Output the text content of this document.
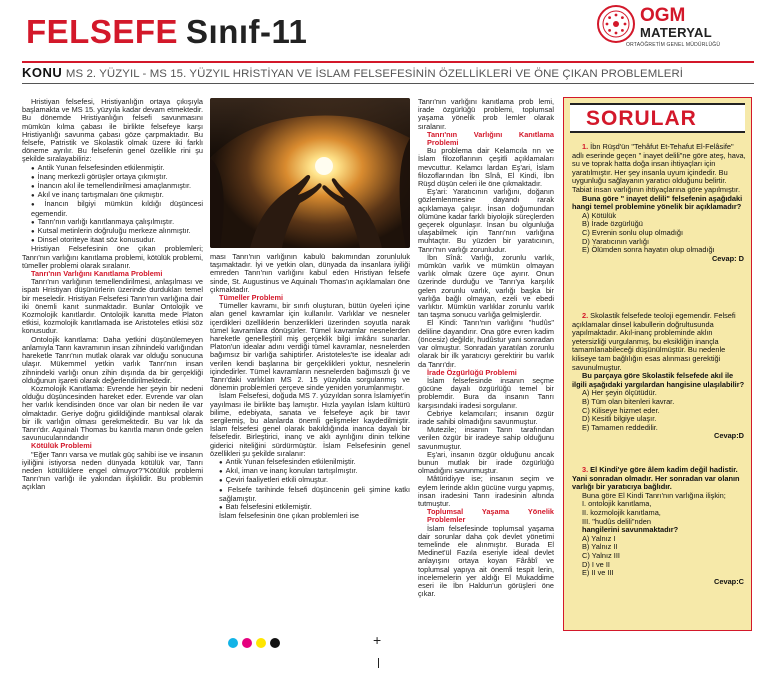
FELSEFE Sınıf-11	OGM
MATERYAL
ORTAÖĞRETİM GENEL MÜDÜRLÜĞÜ
KONU MS 2. YÜZYIL - MS 15. YÜZYIL HRİSTİYAN VE İSLAM FELSEFESİNİN ÖZELLİKLERİ VE ÖNE ÇIKAN PROBLEMLERİ

Hristiyan felsefesi, Hristiyanlığın ortaya çıkışıyla başlamakta ve MS 15. yüzyıla kadar devam etmektedir. Bu dönemde Hristiyanlığın felsefi savunmasını mümkün kılma çabası ile birlikte felsefeye karşı Hristiyanlığı savunma çabası göze çarpmaktadır. Bu felsefe, Patristik ve Skolastik olmak üzere iki farklı döneme ayrılır. Bu felsefenin genel özellikle rini şu şekilde sıralayabiliriz:

● Antik Yunan felsefesinden etkilenmiştir.

● İnanç merkezli görüşler ortaya çıkmıştır.

● İnancın akıl ile temellendirilmesi amaçlanmıştır.

● Akıl ve inanç tartışmaları öne çıkmıştır.

● İnancın bilgiyi mümkün kıldığı düşüncesi egemendir.

● Tanrı'nın varlığı kanıtlanmaya çalışılmıştır.

● Kutsal metinlerin doğruluğu merkeze alınmıştır.

● Dinsel otoriteye itaat söz konusudur.

Hristiyan Felsefesinin öne çıkan problemleri; Tanrı'nın varlığını kanıtlama problemi, kötülük problemi, tümeller problemi olarak sıralanır.

Tanrı'nın Varlığını Kanıtlama Problemi

Tanrı'nın varlığının temellendirilmesi, anlaşılması ve ispatı Hristiyan düşünürlerin üzerinde durdukları temel bir meseledir. Hristiyan Felsefesi Tanrı'nın varlığına dair iki önemli kanıt sunmaktadır. Bunlar Ontolojik ve Kozmolojik kanıtlardır. Ontolojik kanıtta mede Platon etkisi, kozmolojik kanıtlamada ise Aristoteles etkisi söz konusudur.

Ontolojik kanıtlama: Daha yetkini düşünülemeyen anlamıyla Tanrı kavramının insan zihnindeki varlığından hareketle Tanrı'nın mutlak olarak var olduğu sonucuna ulaşır. Mükemmel yetkin varlık Tanrı'nın insan zihnindeki varlığı onun zihin dışında da bir gerçekliği olduğunun işareti olarak değerlendirilmektedir.

Kozmolojik Kanıtlama: Evrende her şeyin bir nedeni olduğu düşüncesinden hareket eder. Evrende var olan her varlık kendisinden önce var olan bir neden ile var olmaktadır. Geriye doğru gidildiğinde mantıksal olarak bir ilk varlığın olması gerekmektedir. Bu var lık da Tanrı'dır. Aquinalı Thomas bu kanıtla manın önde gelen savunucularındandır

Kötülük Problemi

"Eğer Tanrı varsa ve mutlak güç sahibi ise ve insanın iyiliğini istiyorsa neden dünyada kötülük var, Tanrı neden kötülüklere engel olmuyor?"Kötülük problemi Tanrı'nın varlığı ile yakından ilişkilidir. Bu problemin açıklan

ması Tanrı'nın varlığının kabulü bakımından zorunluluk taşımaktadır. İyi ve yetkin olan, dünyada da insanlara iyiliği emreden Tanrı'nın varlığını kabul eden Hristiyan felsefe sinde, St. Augustinus ve Aquinalı Thomas'ın açıklamaları öne çıkmaktadır.

Tümeller Problemi

Tümeller kavramı, bir sınıfı oluşturan, bütün üyeleri içine alan genel kavramlar için kullanılır. Varlıklar ve nesneler içerdikleri özelliklerin benzerlikleri üzerinden soyutla narak tümel kavramlara dönüşürler. Tümel kavramlar nesnelerden hareketle genelleştiril miş gerçeklik bilgi imkânı sunarlar. Platon'un idealar adını verdiği tümel kavramlar, nesnelerden bağımsız bir varlığa sahiptirler. Aristoteles'te ise idealar adı verilen kendi başlarına bir gerçeklikleri yoktur, nesnelerin içindedirler. Tümel kavramların nesnelerden bağımsızlı ğı ve Tanrı'daki varlıkları MS 2. 15 yüzyılda sorgulanmış ve dönemin problemleri çerçeve sinde yeniden yorumlanmıştır.

İslam Felsefesi, doğuda MS 7. yüzyıldan sonra İslamiyet'in yayılması ile birlikte baş lamıştır. Hızla yayılan İslam kültürü bilime, edebiyata, sanata ve felsefeye açık bir tavır sergilemiş, bu alanlarda önemli gelişmeler kaydedilmiştir. İslam felsefesi genel olarak bakıldığında inanca dayalı bir felsefedir. Birleştirici, inanç ve aklı ayrılığını dinin telkine giderici niteliğini sürdürmüştür. İslam Felsefesinin genel özellikleri şu şekilde sıralanır:

● Antik Yunan felsefesinden etkilenilmiştir.

● Akıl, iman ve inanç konuları tartışılmıştır.

● Çeviri faaliyetleri etkili olmuştur.

● Felsefe tarihinde felsefi düşüncenin geli şimine katkı sağlamıştır.

● Batı felsefesini etkilemiştir.

İslam felsefesinin öne çıkan problemleri ise

Tanrı'nın varlığını kanıtlama prob lemi, irade özgürlüğü problemi, toplumsal yaşama yönelik prob lemler olarak sıralanır.

Tanrı'nın Varlığını Kanıtlama Problemi

Bu problema dair Kelamcıla rın ve İslam filozoflarının çeşitli açıklamaları mevcuttur. Kelamcı lardan Eş'ari, İslam filozoflarından İbn Sînâ, El Kindi, İbn Rüşd düşün celeri ile öne çıkmaktadır.

Eş'ari: Yaratıcının varlığını, doğanın gözlemlenmesine dayandı rarak açıklamaya çalışır. İnsan doğumundan ölümüne kadar farklı biyolojik süreçlerden geçerek olgunlaşır. İnsan bu olgunluğa ulaşabilmek için Tanrı'nın varlığına muhtaçtır. Bu yüzden bir yaratıcının, Tanrı'nın varlığı zorunludur.

İbn Sînâ: Varlığı, zorunlu varlık, mümkün varlık ve mümkün olmayan varlık olmak üzere üçe ayırır. Onun üzerinde durduğu ve Tanrı'ya karşılık gelen zorunlu varlık, varlığı başka bir varlığa bağlı olmayan, ezeli ve ebedi varlıktır. Mümkün varlıklar zorunlu varlık tan taşma sonucu varlığa gelmişlerdir.

El Kindi: Tanrı'nın varlığını "hudûs" deliline dayandırır. Ona göre evren kadim (öncesiz) değildir, hudûstur yani sonradan var olmuştur. Sonradan yaratılan zorunlu olarak bir ilk yaratıcıyı gerektirir bu varlık da Tanrı'dır.

İrade Özgürlüğü Problemi

İslam felsefesinde insanın seçme gücüne dayalı özgürlüğü temel bir problemdir. Bura da insanın Tanrı karşısındaki iradesi sorgulanır.

Cebriye kelamcıları; insanın özgür irade sahibi olmadığını savunmuştur.

Mutezile; insanın Tanrı tarafından verilen özgür bir iradeye sahip olduğunu savunmuştur.

Eş'ari, insanın özgür olduğunu ancak bunun mutlak bir irade özgürlüğü olmadığını savunmuştur.

Mâtüridiyye ise; insanın seçim ve eylem lerinde aklın gücüne vurgu yapmış, insan iradesini Tanrı iradesinin altında tutmuştur.

Toplumsal Yaşama Yönelik Problemler

İslam felsefesinde toplumsal yaşama dair sorunlar daha çok devlet yönetimi temelinde ele alınmıştır. Burada El Medinet'ül Fazıla eseriyle ideal devlet anlayışını ortaya koyan Fârâbî ve toplumsal yapıya ait önemli tespit lerin, incelemelerin yer aldığı El Mukaddime eseri ile İbn Haldun'un görüşleri öne çıkar.

SORULAR

1. İbn Rüşd'ün "Tehâfut Et-Tehafut El-Felâsife" adlı eserinde geçen " inayet delili"ne göre ateş, hava, su ve toprak hatta doğa insan ihtiyaçları için yaratılmıştır. Her şey insanla uyum içindedir. Bu uygunluğu sağlayanın yaratıcı olduğunu belirtir. Tabiat insan varlığının ihtiyaçlarına göre yapılmıştır.

Buna göre " inayet delili" felsefenin aşağıdaki hangi temel problemine yönelik bir açıklamadır?

A) Kötülük

B) İrade özgürlüğü

C) Evrenin sonlu olup olmadığı

D) Yaratıcının varlığı

E) Ölümden sonra hayatın olup olmadığı

Cevap: D

2. Skolastik felsefede teoloji egemendir. Felsefi açıklamalar dinsel kabullerin doğrultusunda yapılmaktadır. Akıl-inanç probleminde aklın yetersizliği vurgulanmış, bu eksikliğin inançla tamamlanabileceği düşünülmüştür. Bu nedenle kiliseye tam bağlılığın esas alınması gerektiği savunulmuştur.

Bu parçaya göre Skolastik felsefede akıl ile ilgili aşağıdaki yargılardan hangisine ulaşılabilir?

A) Her şeyin ölçütüdür.

B) Tüm olan bitenleri kavrar.

C) Kiliseye hizmet eder.

D) Kesitli bilgiye ulaşır.

E) Tamamen reddedilir.

Cevap:D

3. El Kindi'ye göre âlem kadim değil hadistir. Yani sonradan olmadır. Her sonradan var olanın varlığı bir yaratıcıya bağlıdır.

Buna göre El Kindi Tanrı'nın varlığına ilişkin;

I. ontolojik kanıtlama,

II. kozmolojik kanıtlama,

III. "hudûs delili"nden

hangilerini savunmaktadır?

A) Yalnız I

B) Yalnız II

C) Yalnız III

D) I ve II

E) II ve III

Cevap:C

+
